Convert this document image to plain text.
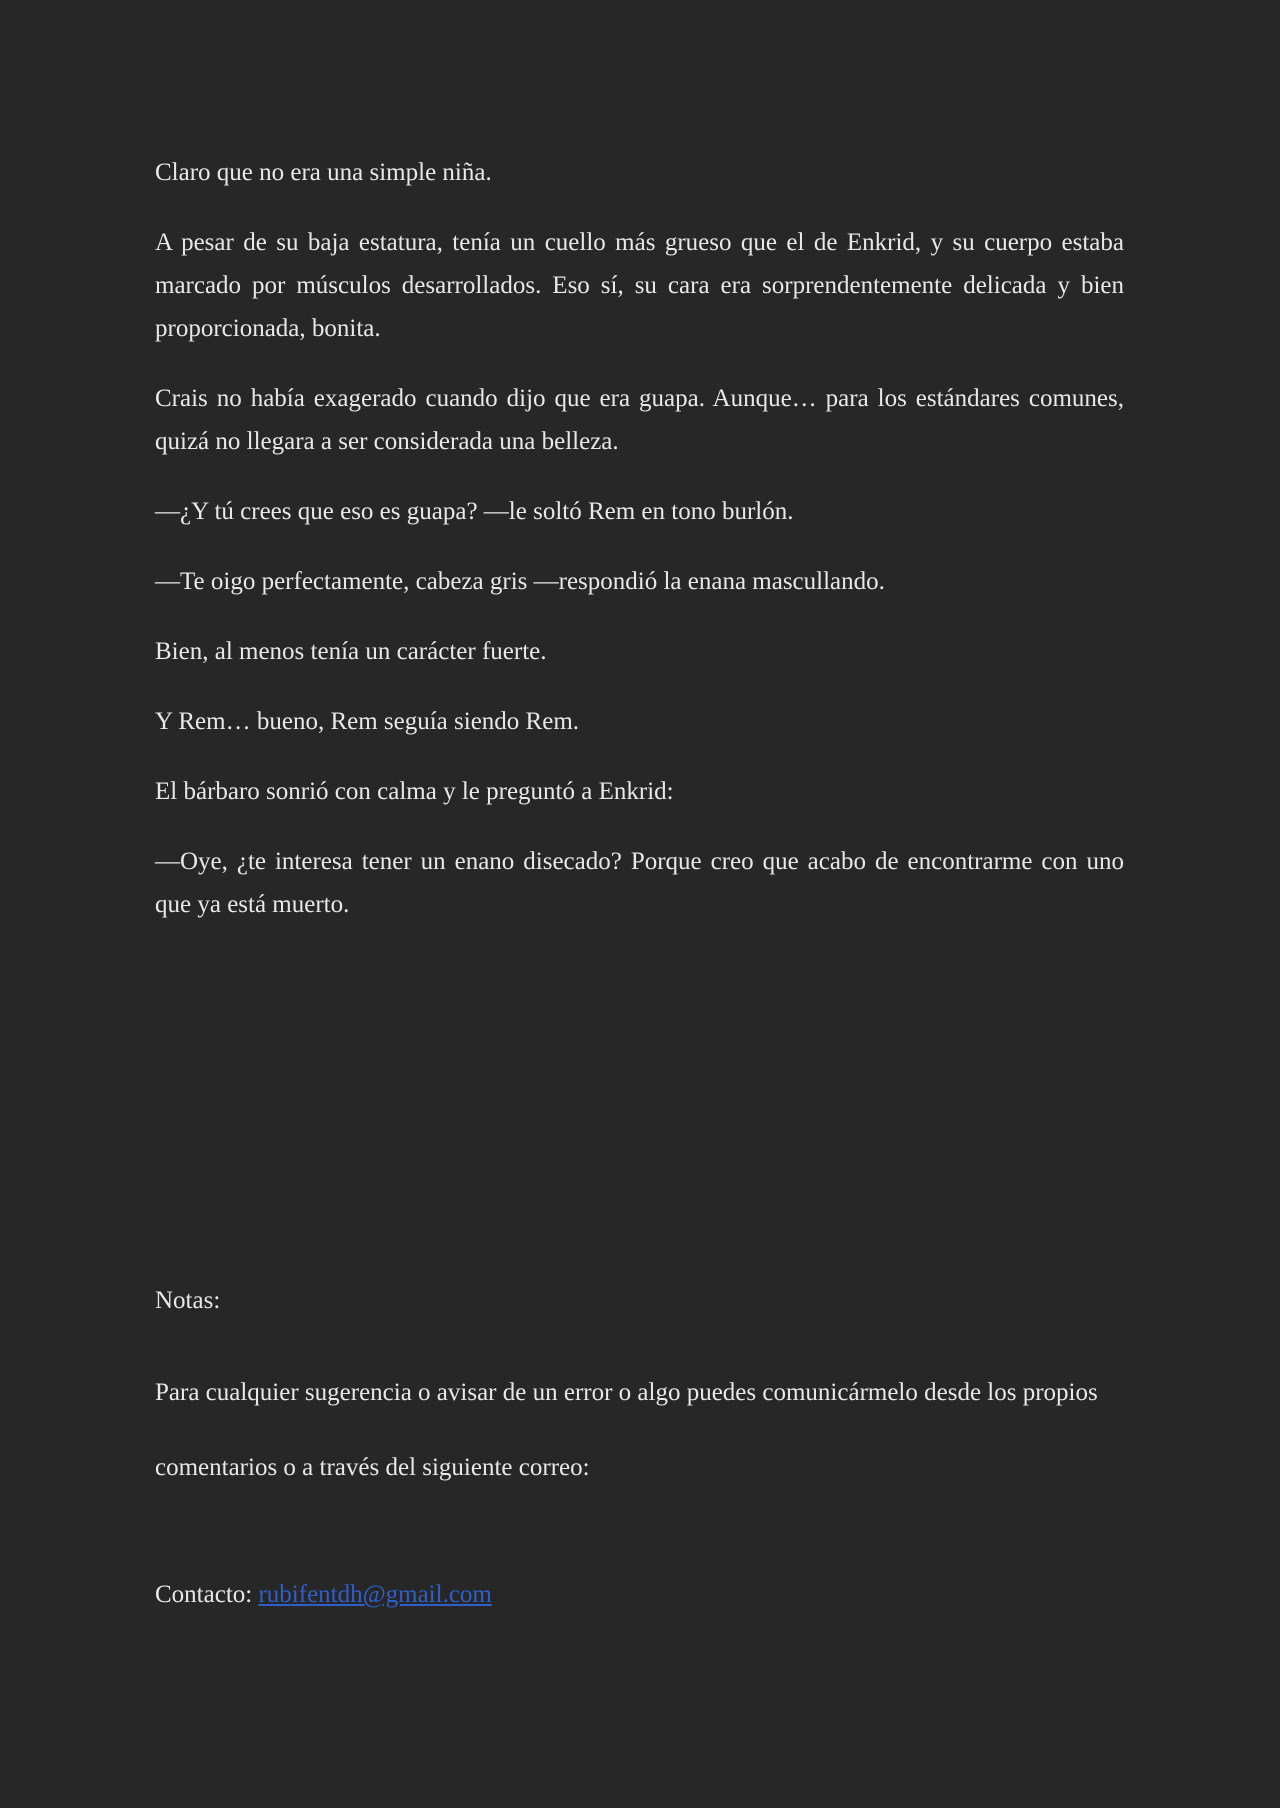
Claro que no era una simple niña.

A pesar de su baja estatura, tenía un cuello más grueso que el de Enkrid, y su cuerpo estaba marcado por músculos desarrollados. Eso sí, su cara era sorprendentemente delicada y bien proporcionada, bonita.

Crais no había exagerado cuando dijo que era guapa. Aunque… para los estándares comunes, quizá no llegara a ser considerada una belleza.

—¿Y tú crees que eso es guapa? —le soltó Rem en tono burlón.

—Te oigo perfectamente, cabeza gris —respondió la enana mascullando.

Bien, al menos tenía un carácter fuerte.

Y Rem… bueno, Rem seguía siendo Rem.

El bárbaro sonrió con calma y le preguntó a Enkrid:

—Oye, ¿te interesa tener un enano disecado? Porque creo que acabo de encontrarme con uno que ya está muerto.

Notas:

Para cualquier sugerencia o avisar de un error o algo puedes comunicármelo desde los propios comentarios o a través del siguiente correo:

Contacto: rubifentdh@gmail.com
